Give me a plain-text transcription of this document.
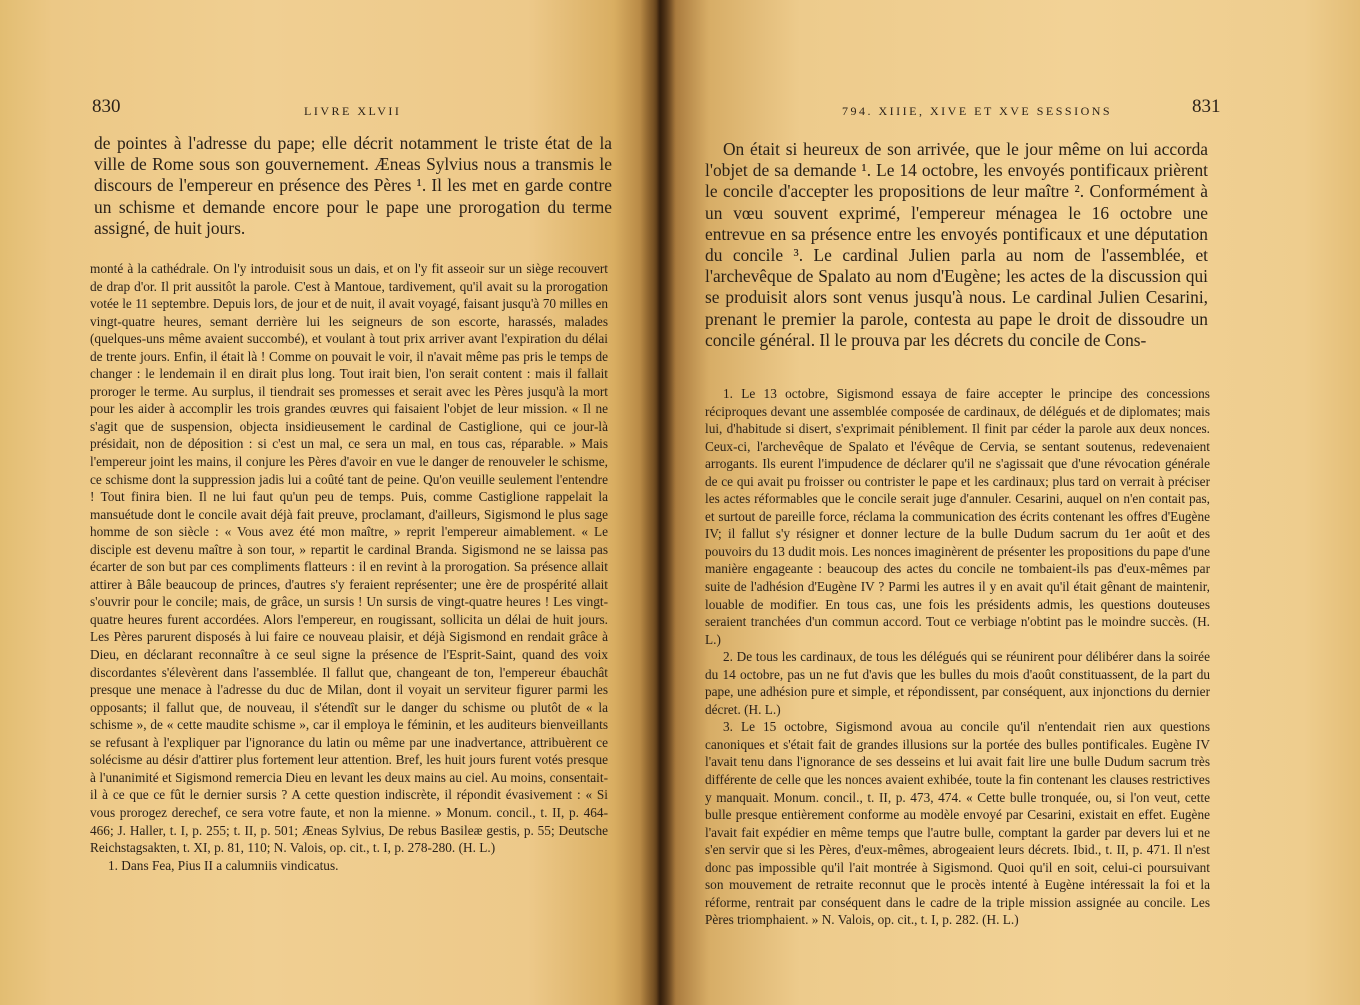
830	LIVRE XLVII

de pointes à l'adresse du pape; elle décrit notamment le triste état de la ville de Rome sous son gouvernement. Æneas Sylvius nous a transmis le discours de l'empereur en présence des Pères ¹. Il les met en garde contre un schisme et demande encore pour le pape une prorogation du terme assigné, de huit jours.

monté à la cathédrale. On l'y introduisit sous un dais, et on l'y fit asseoir sur un siège recouvert de drap d'or. Il prit aussitôt la parole. C'est à Mantoue, tardivement, qu'il avait su la prorogation votée le 11 septembre. Depuis lors, de jour et de nuit, il avait voyagé, faisant jusqu'à 70 milles en vingt-quatre heures, semant derrière lui les seigneurs de son escorte, harassés, malades (quelques-uns même avaient succombé), et voulant à tout prix arriver avant l'expiration du délai de trente jours. Enfin, il était là ! Comme on pouvait le voir, il n'avait même pas pris le temps de changer : le lendemain il en dirait plus long. Tout irait bien, l'on serait content : mais il fallait proroger le terme. Au surplus, il tiendrait ses promesses et serait avec les Pères jusqu'à la mort pour les aider à accomplir les trois grandes œuvres qui faisaient l'objet de leur mission. « Il ne s'agit que de suspension, objecta insidieusement le cardinal de Castiglione, qui ce jour-là présidait, non de déposition : si c'est un mal, ce sera un mal, en tous cas, réparable. » Mais l'empereur joint les mains, il conjure les Pères d'avoir en vue le danger de renouveler le schisme, ce schisme dont la suppression jadis lui a coûté tant de peine. Qu'on veuille seulement l'entendre ! Tout finira bien. Il ne lui faut qu'un peu de temps. Puis, comme Castiglione rappelait la mansuétude dont le concile avait déjà fait preuve, proclamant, d'ailleurs, Sigismond le plus sage homme de son siècle : « Vous avez été mon maître, » reprit l'empereur aimablement. « Le disciple est devenu maître à son tour, » repartit le cardinal Branda. Sigismond ne se laissa pas écarter de son but par ces compliments flatteurs : il en revint à la prorogation. Sa présence allait attirer à Bâle beaucoup de princes, d'autres s'y feraient représenter; une ère de prospérité allait s'ouvrir pour le concile; mais, de grâce, un sursis ! Un sursis de vingt-quatre heures ! Les vingt-quatre heures furent accordées. Alors l'empereur, en rougissant, sollicita un délai de huit jours. Les Pères parurent disposés à lui faire ce nouveau plaisir, et déjà Sigismond en rendait grâce à Dieu, en déclarant reconnaître à ce seul signe la présence de l'Esprit-Saint, quand des voix discordantes s'élevèrent dans l'assemblée. Il fallut que, changeant de ton, l'empereur ébauchât presque une menace à l'adresse du duc de Milan, dont il voyait un serviteur figurer parmi les opposants; il fallut que, de nouveau, il s'étendît sur le danger du schisme ou plutôt de « la schisme », de « cette maudite schisme », car il employa le féminin, et les auditeurs bienveillants se refusant à l'expliquer par l'ignorance du latin ou même par une inadvertance, attribuèrent ce solécisme au désir d'attirer plus fortement leur attention. Bref, les huit jours furent votés presque à l'unanimité et Sigismond remercia Dieu en levant les deux mains au ciel. Au moins, consentait-il à ce que ce fût le dernier sursis ? A cette question indiscrète, il répondit évasivement : « Si vous prorogez derechef, ce sera votre faute, et non la mienne. » Monum. concil., t. II, p. 464-466; J. Haller, t. I, p. 255; t. II, p. 501; Æneas Sylvius, De rebus Basileæ gestis, p. 55; Deutsche Reichstagsakten, t. XI, p. 81, 110; N. Valois, op. cit., t. I, p. 278-280. (H. L.)

1. Dans Fea, Pius II a calumniis vindicatus.

794. XIIIE, XIVE ET XVE SESSIONS	831

On était si heureux de son arrivée, que le jour même on lui accorda l'objet de sa demande ¹. Le 14 octobre, les envoyés pontificaux prièrent le concile d'accepter les propositions de leur maître ². Conformément à un vœu souvent exprimé, l'empereur ménagea le 16 octobre une entrevue en sa présence entre les envoyés pontificaux et une députation du concile ³. Le cardinal Julien parla au nom de l'assemblée, et l'archevêque de Spalato au nom d'Eugène; les actes de la discussion qui se produisit alors sont venus jusqu'à nous. Le cardinal Julien Cesarini, prenant le premier la parole, contesta au pape le droit de dissoudre un concile général. Il le prouva par les décrets du concile de Cons-

1. Le 13 octobre, Sigismond essaya de faire accepter le principe des concessions réciproques devant une assemblée composée de cardinaux, de délégués et de diplomates; mais lui, d'habitude si disert, s'exprimait péniblement. Il finit par céder la parole aux deux nonces. Ceux-ci, l'archevêque de Spalato et l'évêque de Cervia, se sentant soutenus, redevenaient arrogants. Ils eurent l'impudence de déclarer qu'il ne s'agissait que d'une révocation générale de ce qui avait pu froisser ou contrister le pape et les cardinaux; plus tard on verrait à préciser les actes réformables que le concile serait juge d'annuler. Cesarini, auquel on n'en contait pas, et surtout de pareille force, réclama la communication des écrits contenant les offres d'Eugène IV; il fallut s'y résigner et donner lecture de la bulle Dudum sacrum du 1er août et des pouvoirs du 13 dudit mois. Les nonces imaginèrent de présenter les propositions du pape d'une manière engageante : beaucoup des actes du concile ne tombaient-ils pas d'eux-mêmes par suite de l'adhésion d'Eugène IV ? Parmi les autres il y en avait qu'il était gênant de maintenir, louable de modifier. En tous cas, une fois les présidents admis, les questions douteuses seraient tranchées d'un commun accord. Tout ce verbiage n'obtint pas le moindre succès. (H. L.)

2. De tous les cardinaux, de tous les délégués qui se réunirent pour délibérer dans la soirée du 14 octobre, pas un ne fut d'avis que les bulles du mois d'août constituassent, de la part du pape, une adhésion pure et simple, et répondissent, par conséquent, aux injonctions du dernier décret. (H. L.)

3. Le 15 octobre, Sigismond avoua au concile qu'il n'entendait rien aux questions canoniques et s'était fait de grandes illusions sur la portée des bulles pontificales. Eugène IV l'avait tenu dans l'ignorance de ses desseins et lui avait fait lire une bulle Dudum sacrum très différente de celle que les nonces avaient exhibée, toute la fin contenant les clauses restrictives y manquait. Monum. concil., t. II, p. 473, 474. « Cette bulle tronquée, ou, si l'on veut, cette bulle presque entièrement conforme au modèle envoyé par Cesarini, existait en effet. Eugène l'avait fait expédier en même temps que l'autre bulle, comptant la garder par devers lui et ne s'en servir que si les Pères, d'eux-mêmes, abrogeaient leurs décrets. Ibid., t. II, p. 471. Il n'est donc pas impossible qu'il l'ait montrée à Sigismond. Quoi qu'il en soit, celui-ci poursuivant son mouvement de retraite reconnut que le procès intenté à Eugène intéressait la foi et la réforme, rentrait par conséquent dans le cadre de la triple mission assignée au concile. Les Pères triomphaient. » N. Valois, op. cit., t. I, p. 282. (H. L.)
